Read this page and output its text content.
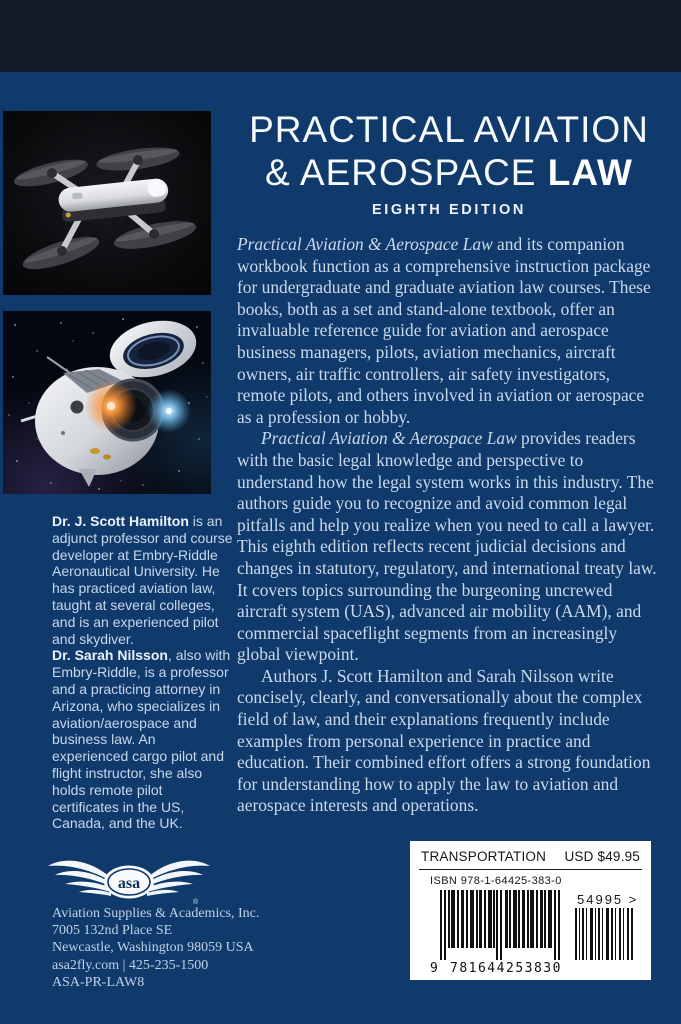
PRACTICAL AVIATION
& AEROSPACE LAW
EIGHTH EDITION

Practical Aviation & Aerospace Law and its companion workbook function as a comprehensive instruction package for undergraduate and graduate aviation law courses. These books, both as a set and stand-alone textbook, offer an invaluable reference guide for aviation and aerospace business managers, pilots, aviation mechanics, aircraft owners, air traffic controllers, air safety investigators, remote pilots, and others involved in aviation or aerospace as a profession or hobby.

Practical Aviation & Aerospace Law provides readers with the basic legal knowledge and perspective to understand how the legal system works in this industry. The authors guide you to recognize and avoid common legal pitfalls and help you realize when you need to call a lawyer. This eighth edition reflects recent judicial decisions and changes in statutory, regulatory, and international treaty law. It covers topics surrounding the burgeoning uncrewed aircraft system (UAS), advanced air mobility (AAM), and commercial spaceflight segments from an increasingly global viewpoint.

Authors J. Scott Hamilton and Sarah Nilsson write concisely, clearly, and conversationally about the complex field of law, and their explanations frequently include examples from personal experience in practice and education. Their combined effort offers a strong foundation for understanding how to apply the law to aviation and aerospace interests and operations.

Dr. J. Scott Hamilton is an adjunct professor and course developer at Embry-Riddle Aeronautical University. He has practiced aviation law, taught at several colleges, and is an experienced pilot and skydiver.

Dr. Sarah Nilsson, also with Embry-Riddle, is a professor and a practicing attorney in Arizona, who specializes in aviation/aerospace and business law. An experienced cargo pilot and flight instructor, she also holds remote pilot certificates in the US, Canada, and the UK.

asa
®
Aviation Supplies & Academics, Inc.
7005 132nd Place SE
Newcastle, Washington 98059 USA
asa2fly.com | 425-235-1500
ASA-PR-LAW8
TRANSPORTATION USD $49.95
ISBN 978-1-64425-383-0
9 781644 253830
54995 >
